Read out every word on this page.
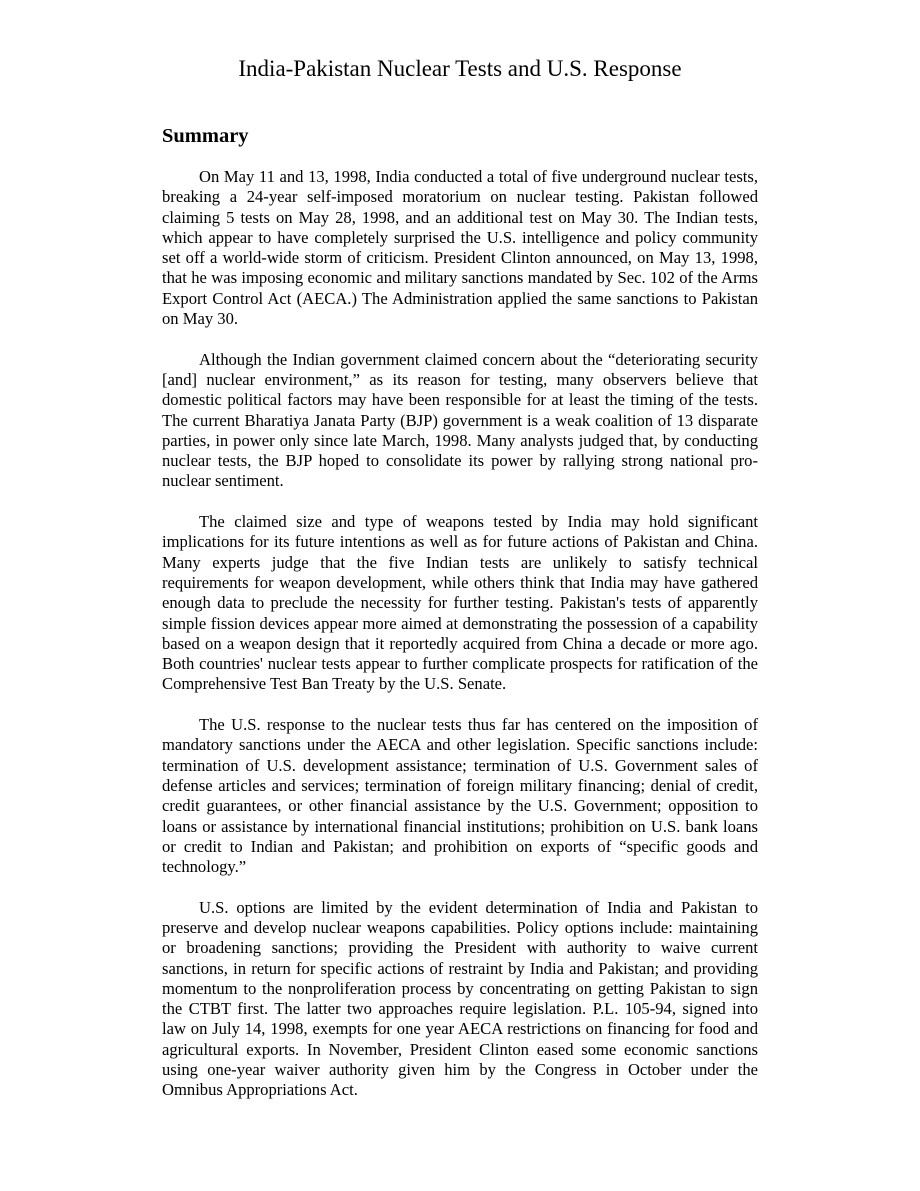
India-Pakistan Nuclear Tests and U.S. Response
Summary

On May 11 and 13, 1998, India conducted a total of five underground nuclear tests, breaking a 24-year self-imposed moratorium on nuclear testing. Pakistan followed claiming 5 tests on May 28, 1998, and an additional test on May 30. The Indian tests, which appear to have completely surprised the U.S. intelligence and policy community set off a world-wide storm of criticism. President Clinton announced, on May 13, 1998, that he was imposing economic and military sanctions mandated by Sec. 102 of the Arms Export Control Act (AECA.) The Administration applied the same sanctions to Pakistan on May 30.

Although the Indian government claimed concern about the “deteriorating security [and] nuclear environment,” as its reason for testing, many observers believe that domestic political factors may have been responsible for at least the timing of the tests. The current Bharatiya Janata Party (BJP) government is a weak coalition of 13 disparate parties, in power only since late March, 1998. Many analysts judged that, by conducting nuclear tests, the BJP hoped to consolidate its power by rallying strong national pro-nuclear sentiment.

The claimed size and type of weapons tested by India may hold significant implications for its future intentions as well as for future actions of Pakistan and China. Many experts judge that the five Indian tests are unlikely to satisfy technical requirements for weapon development, while others think that India may have gathered enough data to preclude the necessity for further testing. Pakistan's tests of apparently simple fission devices appear more aimed at demonstrating the possession of a capability based on a weapon design that it reportedly acquired from China a decade or more ago. Both countries' nuclear tests appear to further complicate prospects for ratification of the Comprehensive Test Ban Treaty by the U.S. Senate.

The U.S. response to the nuclear tests thus far has centered on the imposition of mandatory sanctions under the AECA and other legislation. Specific sanctions include: termination of U.S. development assistance; termination of U.S. Government sales of defense articles and services; termination of foreign military financing; denial of credit, credit guarantees, or other financial assistance by the U.S. Government; opposition to loans or assistance by international financial institutions; prohibition on U.S. bank loans or credit to Indian and Pakistan; and prohibition on exports of “specific goods and technology.”

U.S. options are limited by the evident determination of India and Pakistan to preserve and develop nuclear weapons capabilities. Policy options include: maintaining or broadening sanctions; providing the President with authority to waive current sanctions, in return for specific actions of restraint by India and Pakistan; and providing momentum to the nonproliferation process by concentrating on getting Pakistan to sign the CTBT first. The latter two approaches require legislation. P.L. 105-94, signed into law on July 14, 1998, exempts for one year AECA restrictions on financing for food and agricultural exports. In November, President Clinton eased some economic sanctions using one-year waiver authority given him by the Congress in October under the Omnibus Appropriations Act.
